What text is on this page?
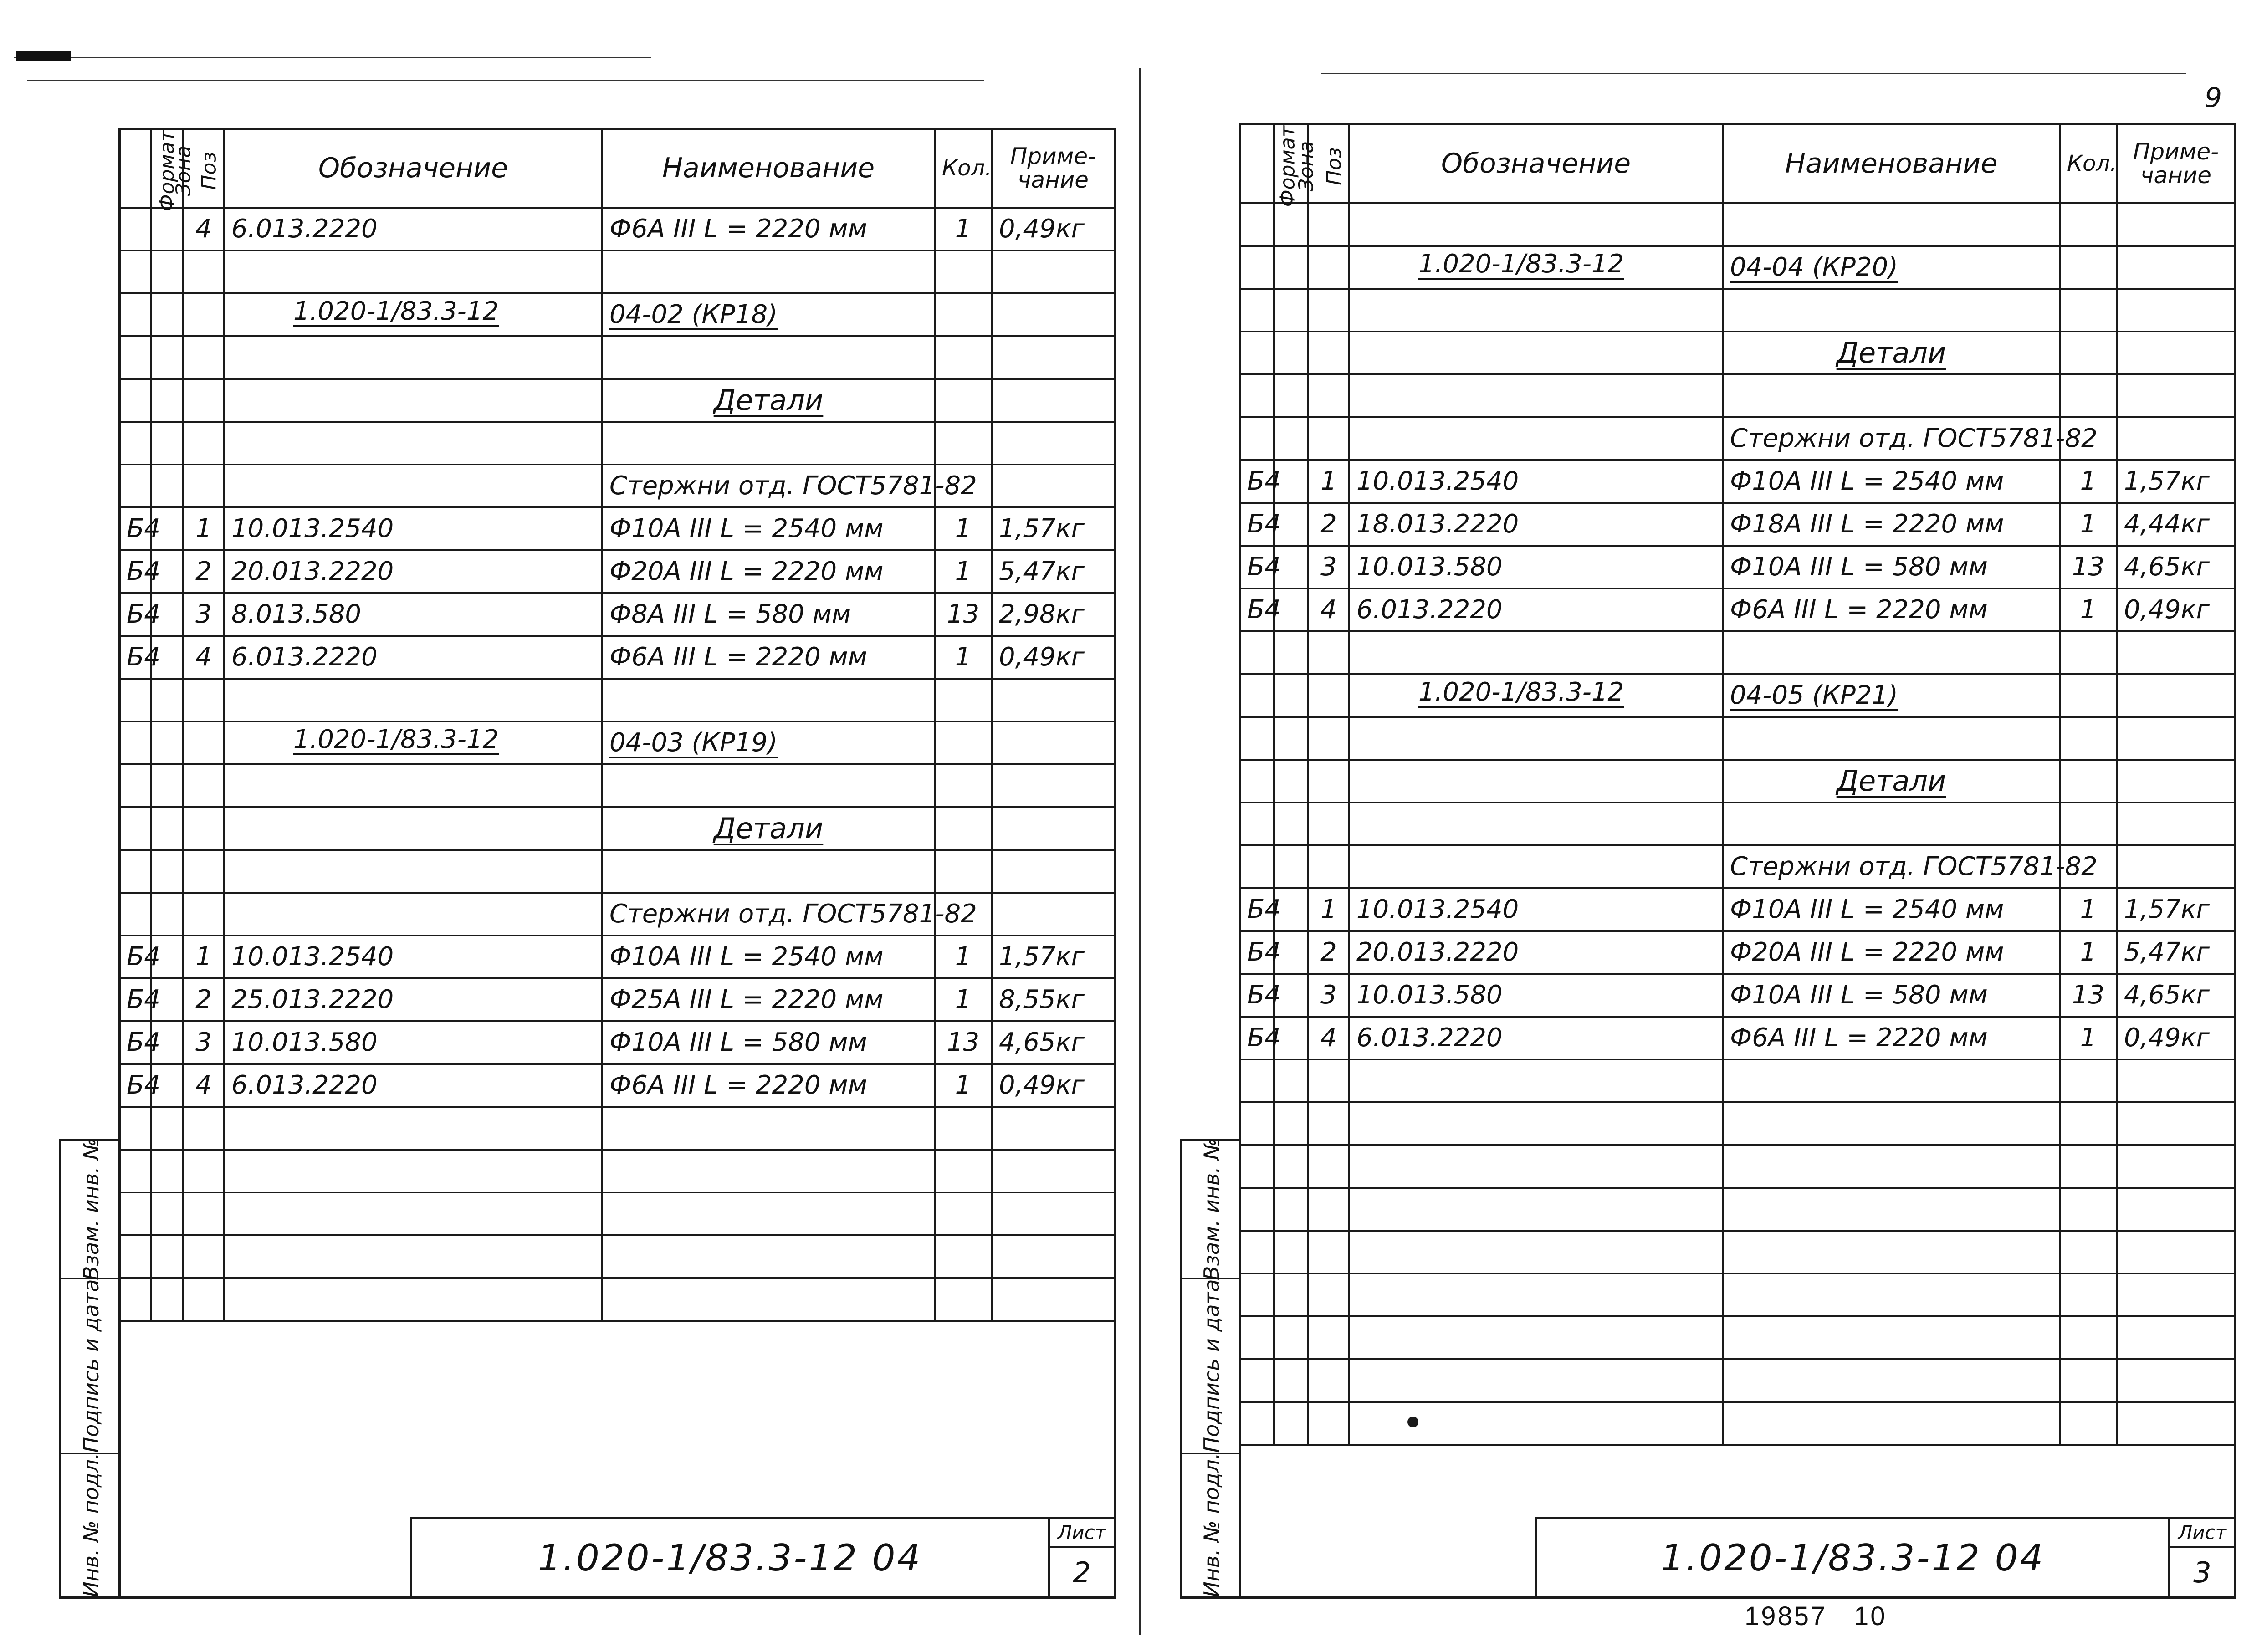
9
Взам. инв. №
Подпись и дата
Инв. № подл.
Формат	Зона	Поз	Обозначение	Наименование	Кол.	Приме-чание
		4	6.013.2220	Ф6А III L = 2220 мм	1	0,49кг

			1.020-1/83.3-12	04-02 (КР18)		

				Детали		

				Стержни отд. ГОСТ5781-82		
Б4		1	10.013.2540	Ф10А III L = 2540 мм	1	1,57кг
Б4		2	20.013.2220	Ф20А III L = 2220 мм	1	5,47кг
Б4		3	8.013.580	Ф8А III L = 580 мм	13	2,98кг
Б4		4	6.013.2220	Ф6А III L = 2220 мм	1	0,49кг

			1.020-1/83.3-12	04-03 (КР19)		

				Детали		

				Стержни отд. ГОСТ5781-82		
Б4		1	10.013.2540	Ф10А III L = 2540 мм	1	1,57кг
Б4		2	25.013.2220	Ф25А III L = 2220 мм	1	8,55кг
Б4		3	10.013.580	Ф10А III L = 580 мм	13	4,65кг
Б4		4	6.013.2220	Ф6А III L = 2220 мм	1	0,49кг

1.020-1/83.3-12 04
Лист
2
Взам. инв. №
Подпись и дата
Инв. № подл.
Формат	Зона	Поз	Обозначение	Наименование	Кол.	Приме-чание

			1.020-1/83.3-12	04-04 (КР20)		

				Детали		

				Стержни отд. ГОСТ5781-82		
Б4		1	10.013.2540	Ф10А III L = 2540 мм	1	1,57кг
Б4		2	18.013.2220	Ф18А III L = 2220 мм	1	4,44кг
Б4		3	10.013.580	Ф10А III L = 580 мм	13	4,65кг
Б4		4	6.013.2220	Ф6А III L = 2220 мм	1	0,49кг

			1.020-1/83.3-12	04-05 (КР21)		

				Детали		

				Стержни отд. ГОСТ5781-82		
Б4		1	10.013.2540	Ф10А III L = 2540 мм	1	1,57кг
Б4		2	20.013.2220	Ф20А III L = 2220 мм	1	5,47кг
Б4		3	10.013.580	Ф10А III L = 580 мм	13	4,65кг
Б4		4	6.013.2220	Ф6А III L = 2220 мм	1	0,49кг

1.020-1/83.3-12 04
Лист
3
19857 10
